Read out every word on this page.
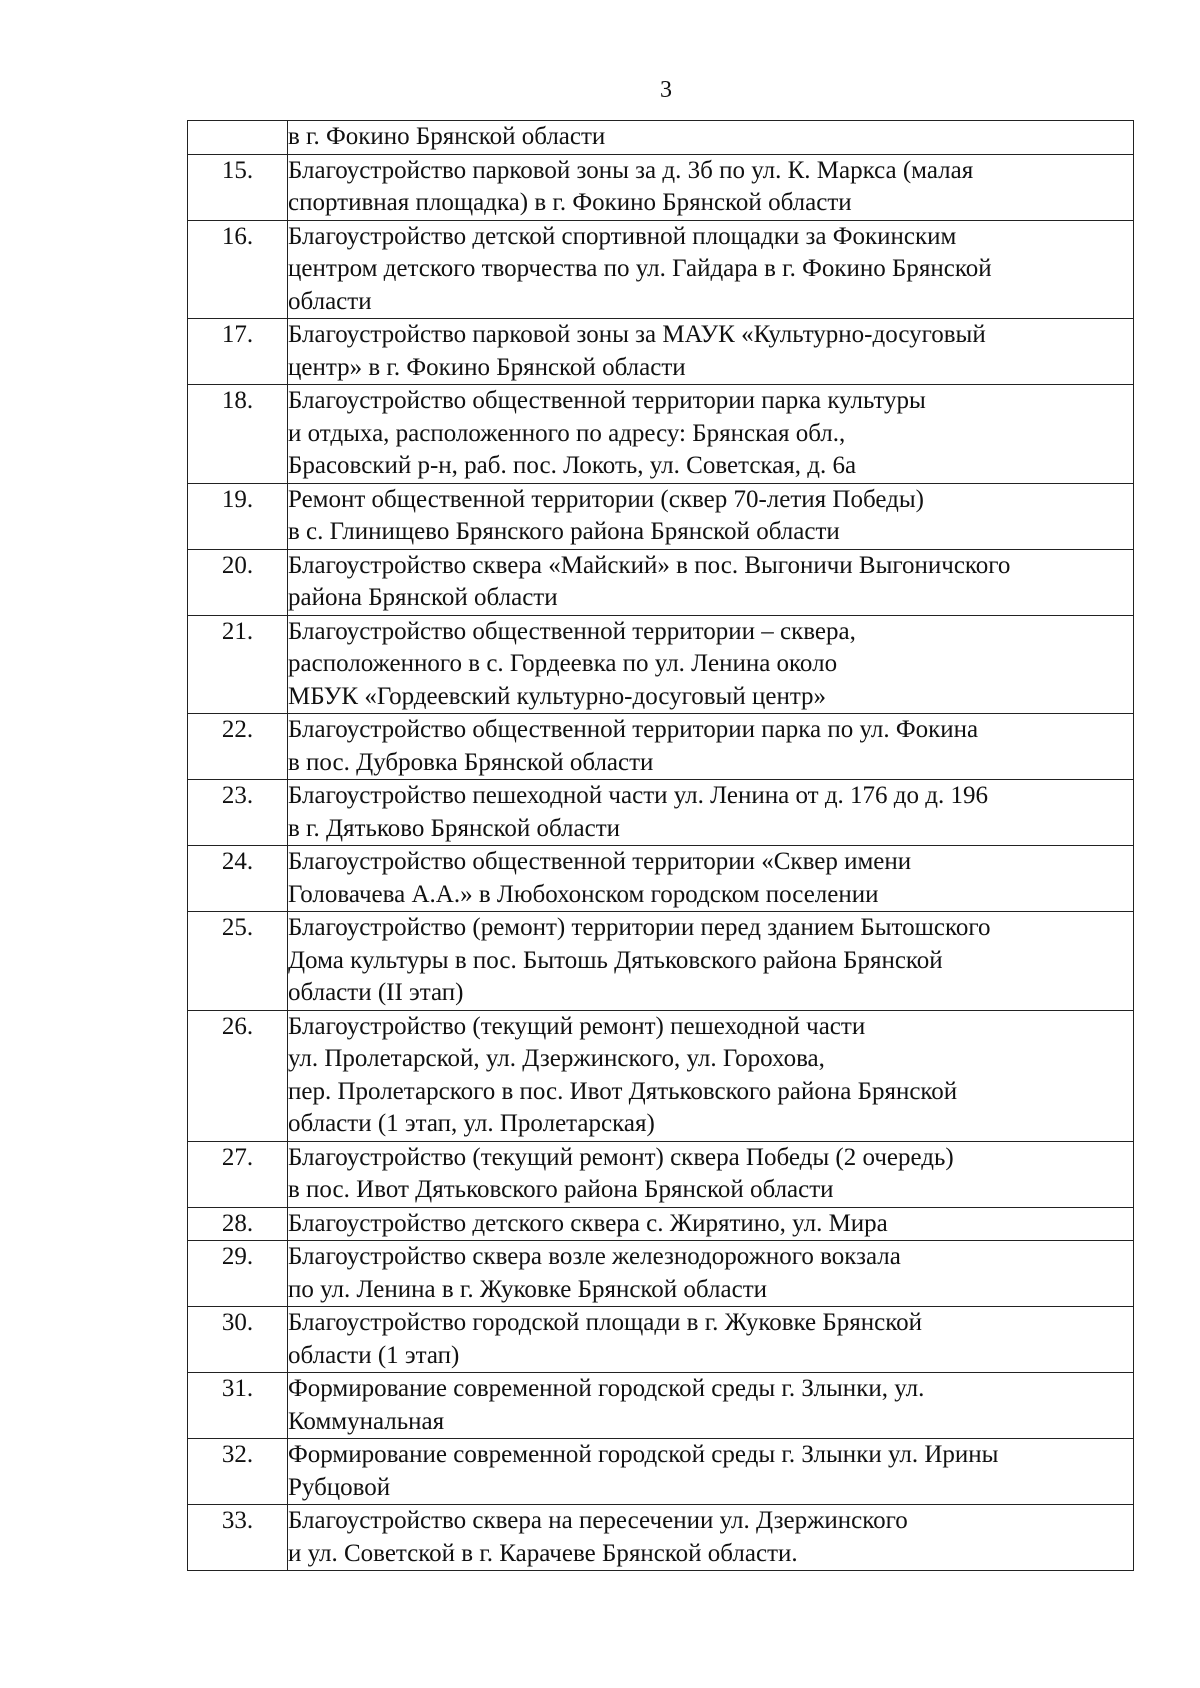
3

	в г. Фокино Брянской области

15.	Благоустройство парковой зоны за д. 3б по ул. К. Маркса (малая
спортивная площадка) в г. Фокино Брянской области

16.	Благоустройство детской спортивной площадки за Фокинским
центром детского творчества по ул. Гайдара в г. Фокино Брянской
области

17.	Благоустройство парковой зоны за МАУК «Культурно-досуговый
центр» в г. Фокино Брянской области

18.	Благоустройство общественной территории парка культуры
и отдыха, расположенного по адресу: Брянская обл.,
Брасовский р-н, раб. пос. Локоть, ул. Советская, д. 6а

19.	Ремонт общественной территории (сквер 70-летия Победы)
в с. Глинищево Брянского района Брянской области

20.	Благоустройство сквера «Майский» в пос. Выгоничи Выгоничского
района Брянской области

21.	Благоустройство общественной территории – сквера,
расположенного в с. Гордеевка по ул. Ленина около
МБУК «Гордеевский культурно-досуговый центр»

22.	Благоустройство общественной территории парка по ул. Фокина
в пос. Дубровка Брянской области

23.	Благоустройство пешеходной части ул. Ленина от д. 176 до д. 196
в г. Дятьково Брянской области

24.	Благоустройство общественной территории «Сквер имени
Головачева А.А.» в Любохонском городском поселении

25.	Благоустройство (ремонт) территории перед зданием Бытошского
Дома культуры в пос. Бытошь Дятьковского района Брянской
области (II этап)

26.	Благоустройство (текущий ремонт) пешеходной части
ул. Пролетарской, ул. Дзержинского, ул. Горохова,
пер. Пролетарского в пос. Ивот Дятьковского района Брянской
области (1 этап, ул. Пролетарская)

27.	Благоустройство (текущий ремонт) сквера Победы (2 очередь)
в пос. Ивот Дятьковского района Брянской области

28.	Благоустройство детского сквера с. Жирятино, ул. Мира

29.	Благоустройство сквера возле железнодорожного вокзала
по ул. Ленина в г. Жуковке Брянской области

30.	Благоустройство городской площади в г. Жуковке Брянской
области (1 этап)

31.	Формирование современной городской среды г. Злынки, ул.
Коммунальная

32.	Формирование современной городской среды г. Злынки ул. Ирины
Рубцовой

33.	Благоустройство сквера на пересечении ул. Дзержинского
и ул. Советской в г. Карачеве Брянской области.
